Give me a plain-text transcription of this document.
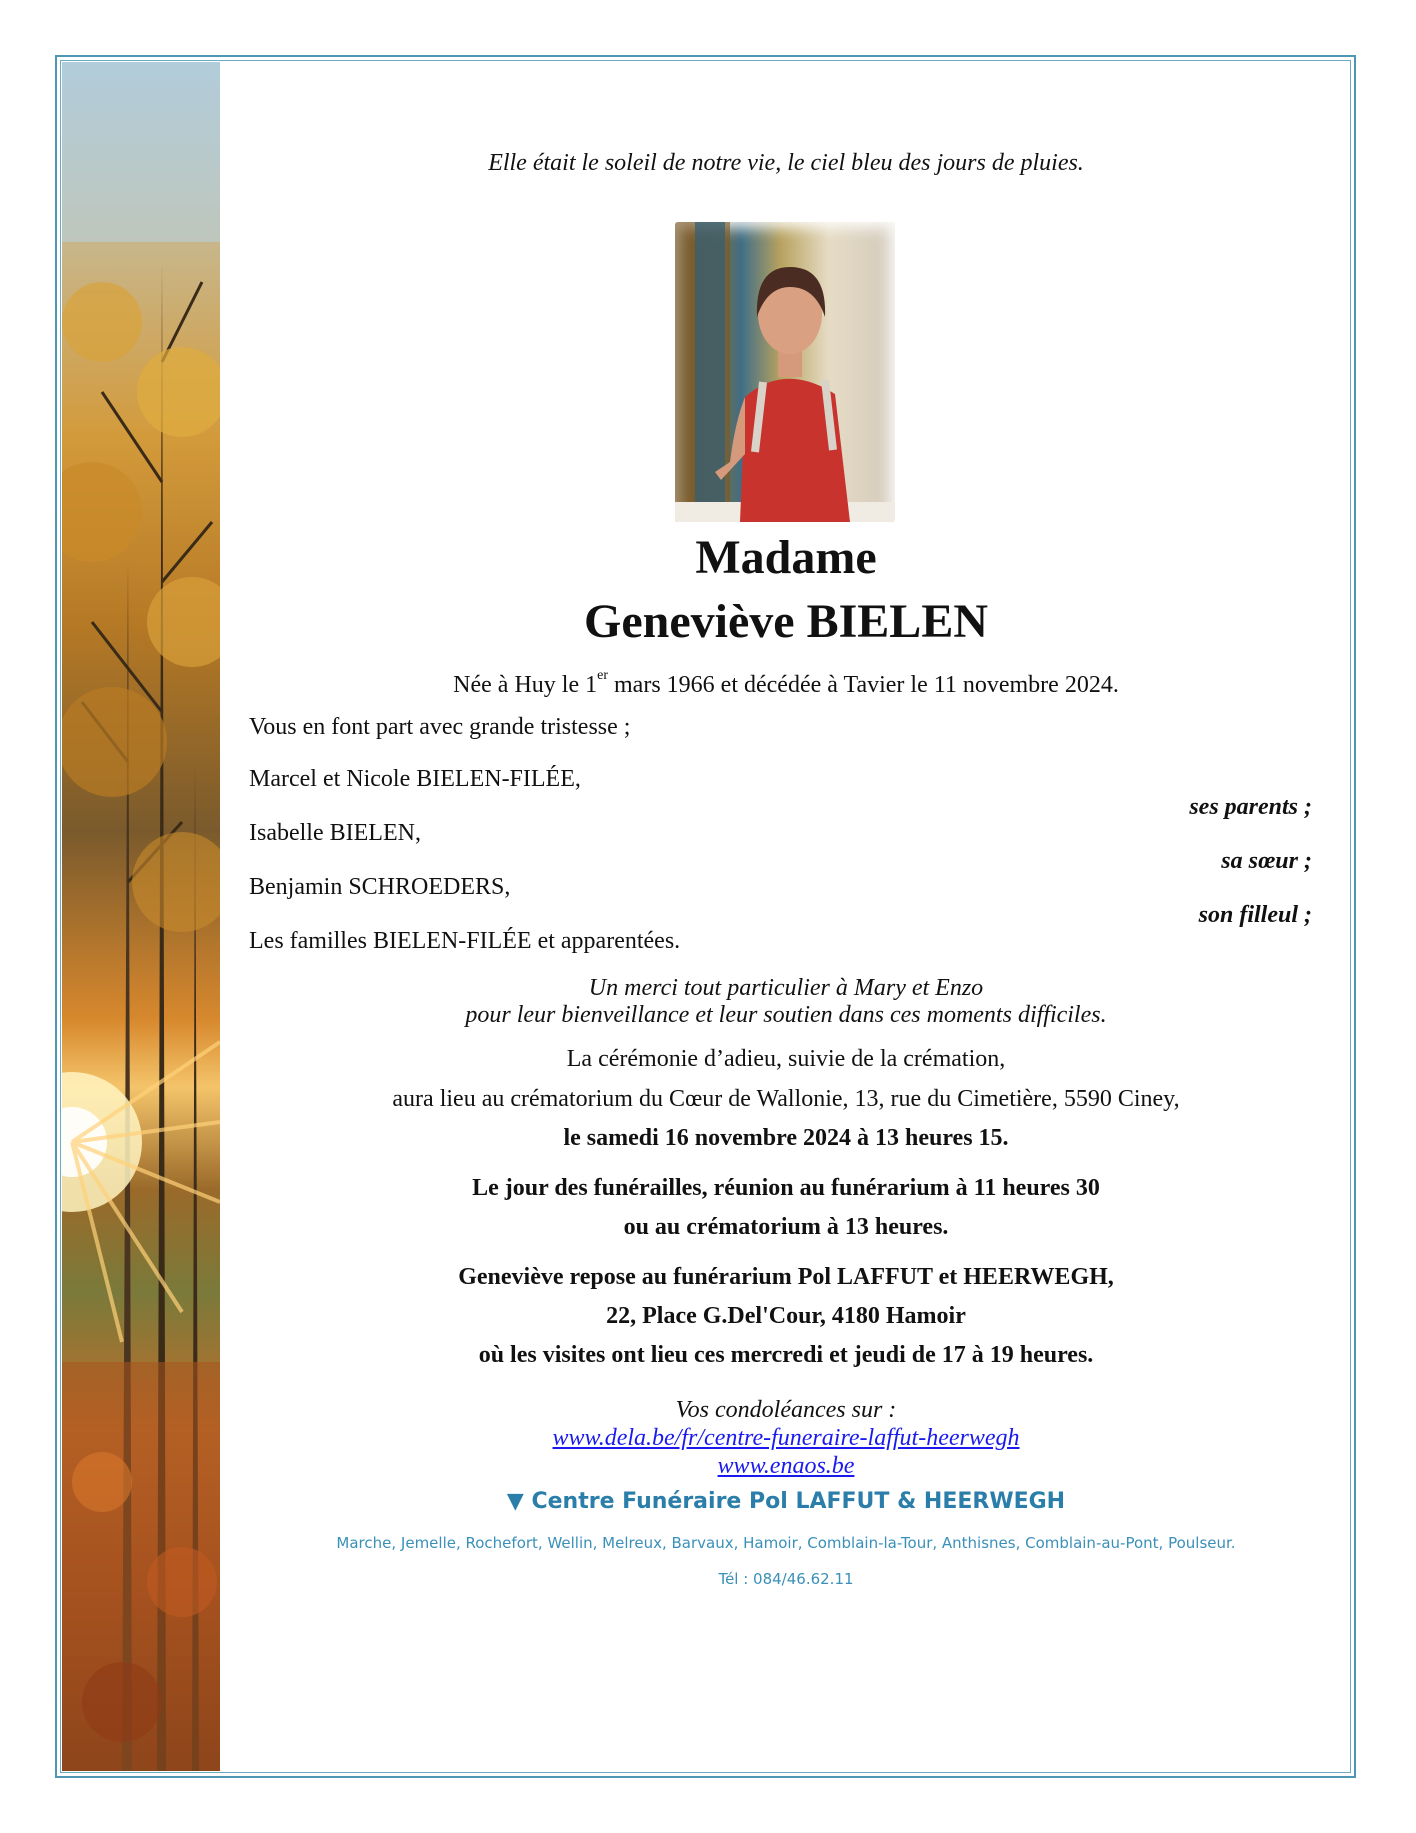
Elle était le soleil de notre vie, le ciel bleu des jours de pluies.
Madame
Geneviève BIELEN
Née à Huy le 1er mars 1966 et décédée à Tavier le 11 novembre 2024.
Vous en font part avec grande tristesse ;
Marcel et Nicole BIELEN-FILÉE,
ses parents ;
Isabelle BIELEN,
sa sœur ;
Benjamin SCHROEDERS,
son filleul ;
Les familles BIELEN-FILÉE et apparentées.
Un merci tout particulier à Mary et Enzo
pour leur bienveillance et leur soutien dans ces moments difficiles.
La cérémonie d’adieu, suivie de la crémation,
aura lieu au crématorium du Cœur de Wallonie, 13, rue du Cimetière, 5590 Ciney,
le samedi 16 novembre 2024 à 13 heures 15.
Le jour des funérailles, réunion au funérarium à 11 heures 30
ou au crématorium à 13 heures.
Geneviève repose au funérarium Pol LAFFUT et HEERWEGH,
22, Place G.Del'Cour, 4180 Hamoir
où les visites ont lieu ces mercredi et jeudi de 17 à 19 heures.
Vos condoléances sur :
www.dela.be/fr/centre-funeraire-laffut-heerwegh
www.enaos.be
▼ Centre Funéraire Pol LAFFUT & HEERWEGH
Marche, Jemelle, Rochefort, Wellin, Melreux, Barvaux, Hamoir, Comblain-la-Tour, Anthisnes, Comblain-au-Pont, Poulseur.
Tél : 084/46.62.11
